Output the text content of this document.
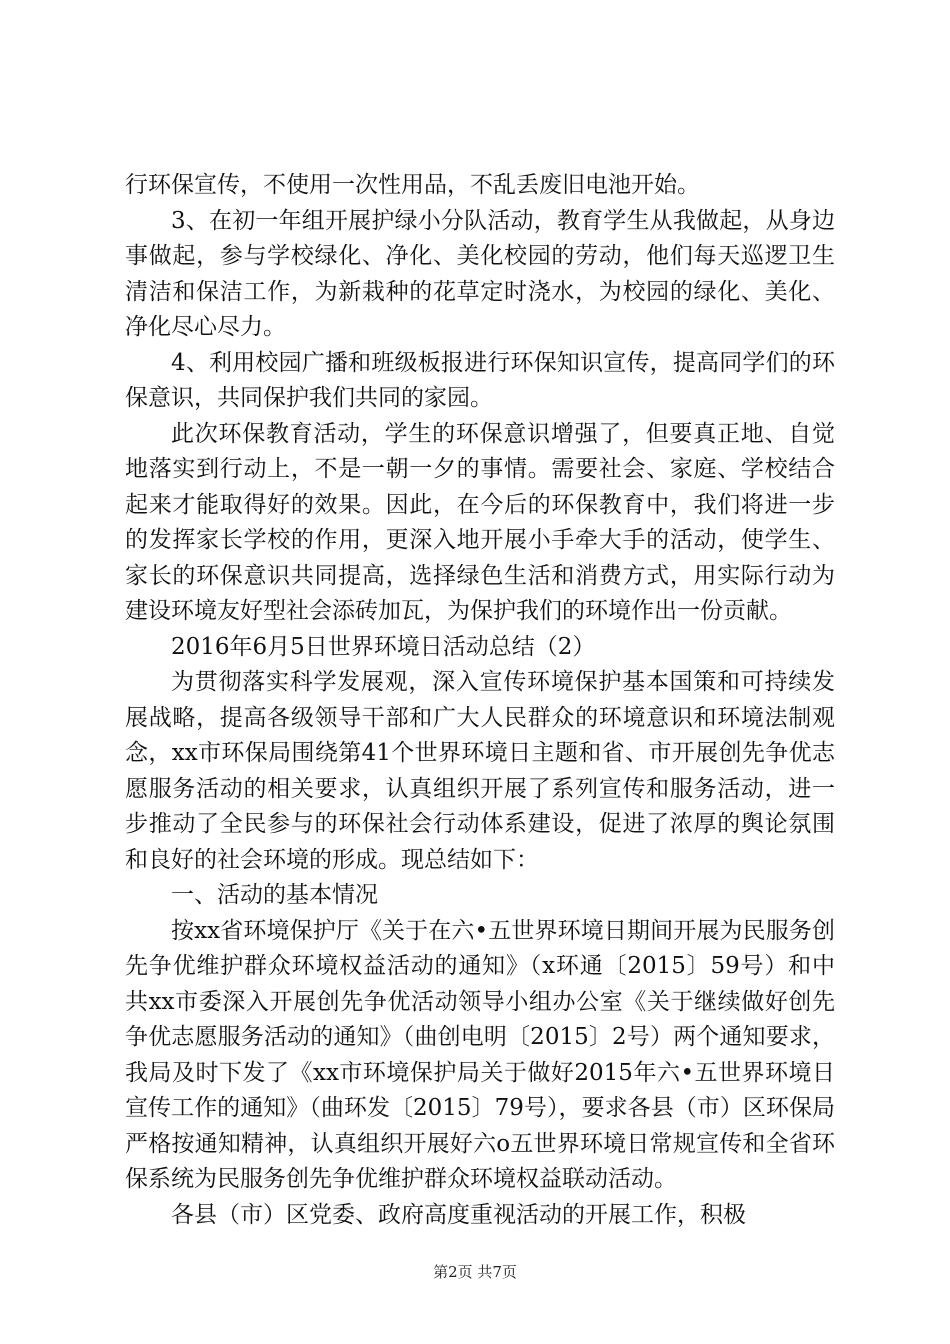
行环保宣传，不使用一次性用品，不乱丢废旧电池开始。

3、在初一年组开展护绿小分队活动，教育学生从我做起，从身边事做起，参与学校绿化、净化、美化校园的劳动，他们每天巡逻卫生清洁和保洁工作，为新栽种的花草定时浇水，为校园的绿化、美化、净化尽心尽力。

4、利用校园广播和班级板报进行环保知识宣传，提高同学们的环保意识，共同保护我们共同的家园。

此次环保教育活动，学生的环保意识增强了，但要真正地、自觉地落实到行动上，不是一朝一夕的事情。需要社会、家庭、学校结合起来才能取得好的效果。因此，在今后的环保教育中，我们将进一步的发挥家长学校的作用，更深入地开展小手牵大手的活动，使学生、家长的环保意识共同提高，选择绿色生活和消费方式，用实际行动为建设环境友好型社会添砖加瓦，为保护我们的环境作出一份贡献。

2016年6月5日世界环境日活动总结（2）

为贯彻落实科学发展观，深入宣传环境保护基本国策和可持续发展战略，提高各级领导干部和广大人民群众的环境意识和环境法制观念，xx市环保局围绕第41个世界环境日主题和省、市开展创先争优志愿服务活动的相关要求，认真组织开展了系列宣传和服务活动，进一步推动了全民参与的环保社会行动体系建设，促进了浓厚的舆论氛围和良好的社会环境的形成。现总结如下：

一、活动的基本情况

按xx省环境保护厅《关于在六•五世界环境日期间开展为民服务创先争优维护群众环境权益活动的通知》（x环通〔2015〕59号）和中共xx市委深入开展创先争优活动领导小组办公室《关于继续做好创先争优志愿服务活动的通知》（曲创电明〔2015〕2号）两个通知要求，我局及时下发了《xx市环境保护局关于做好2015年六•五世界环境日宣传工作的通知》（曲环发〔2015〕79号），要求各县（市）区环保局严格按通知精神，认真组织开展好六o五世界环境日常规宣传和全省环保系统为民服务创先争优维护群众环境权益联动活动。

各县（市）区党委、政府高度重视活动的开展工作，积极

第2页 共7页
